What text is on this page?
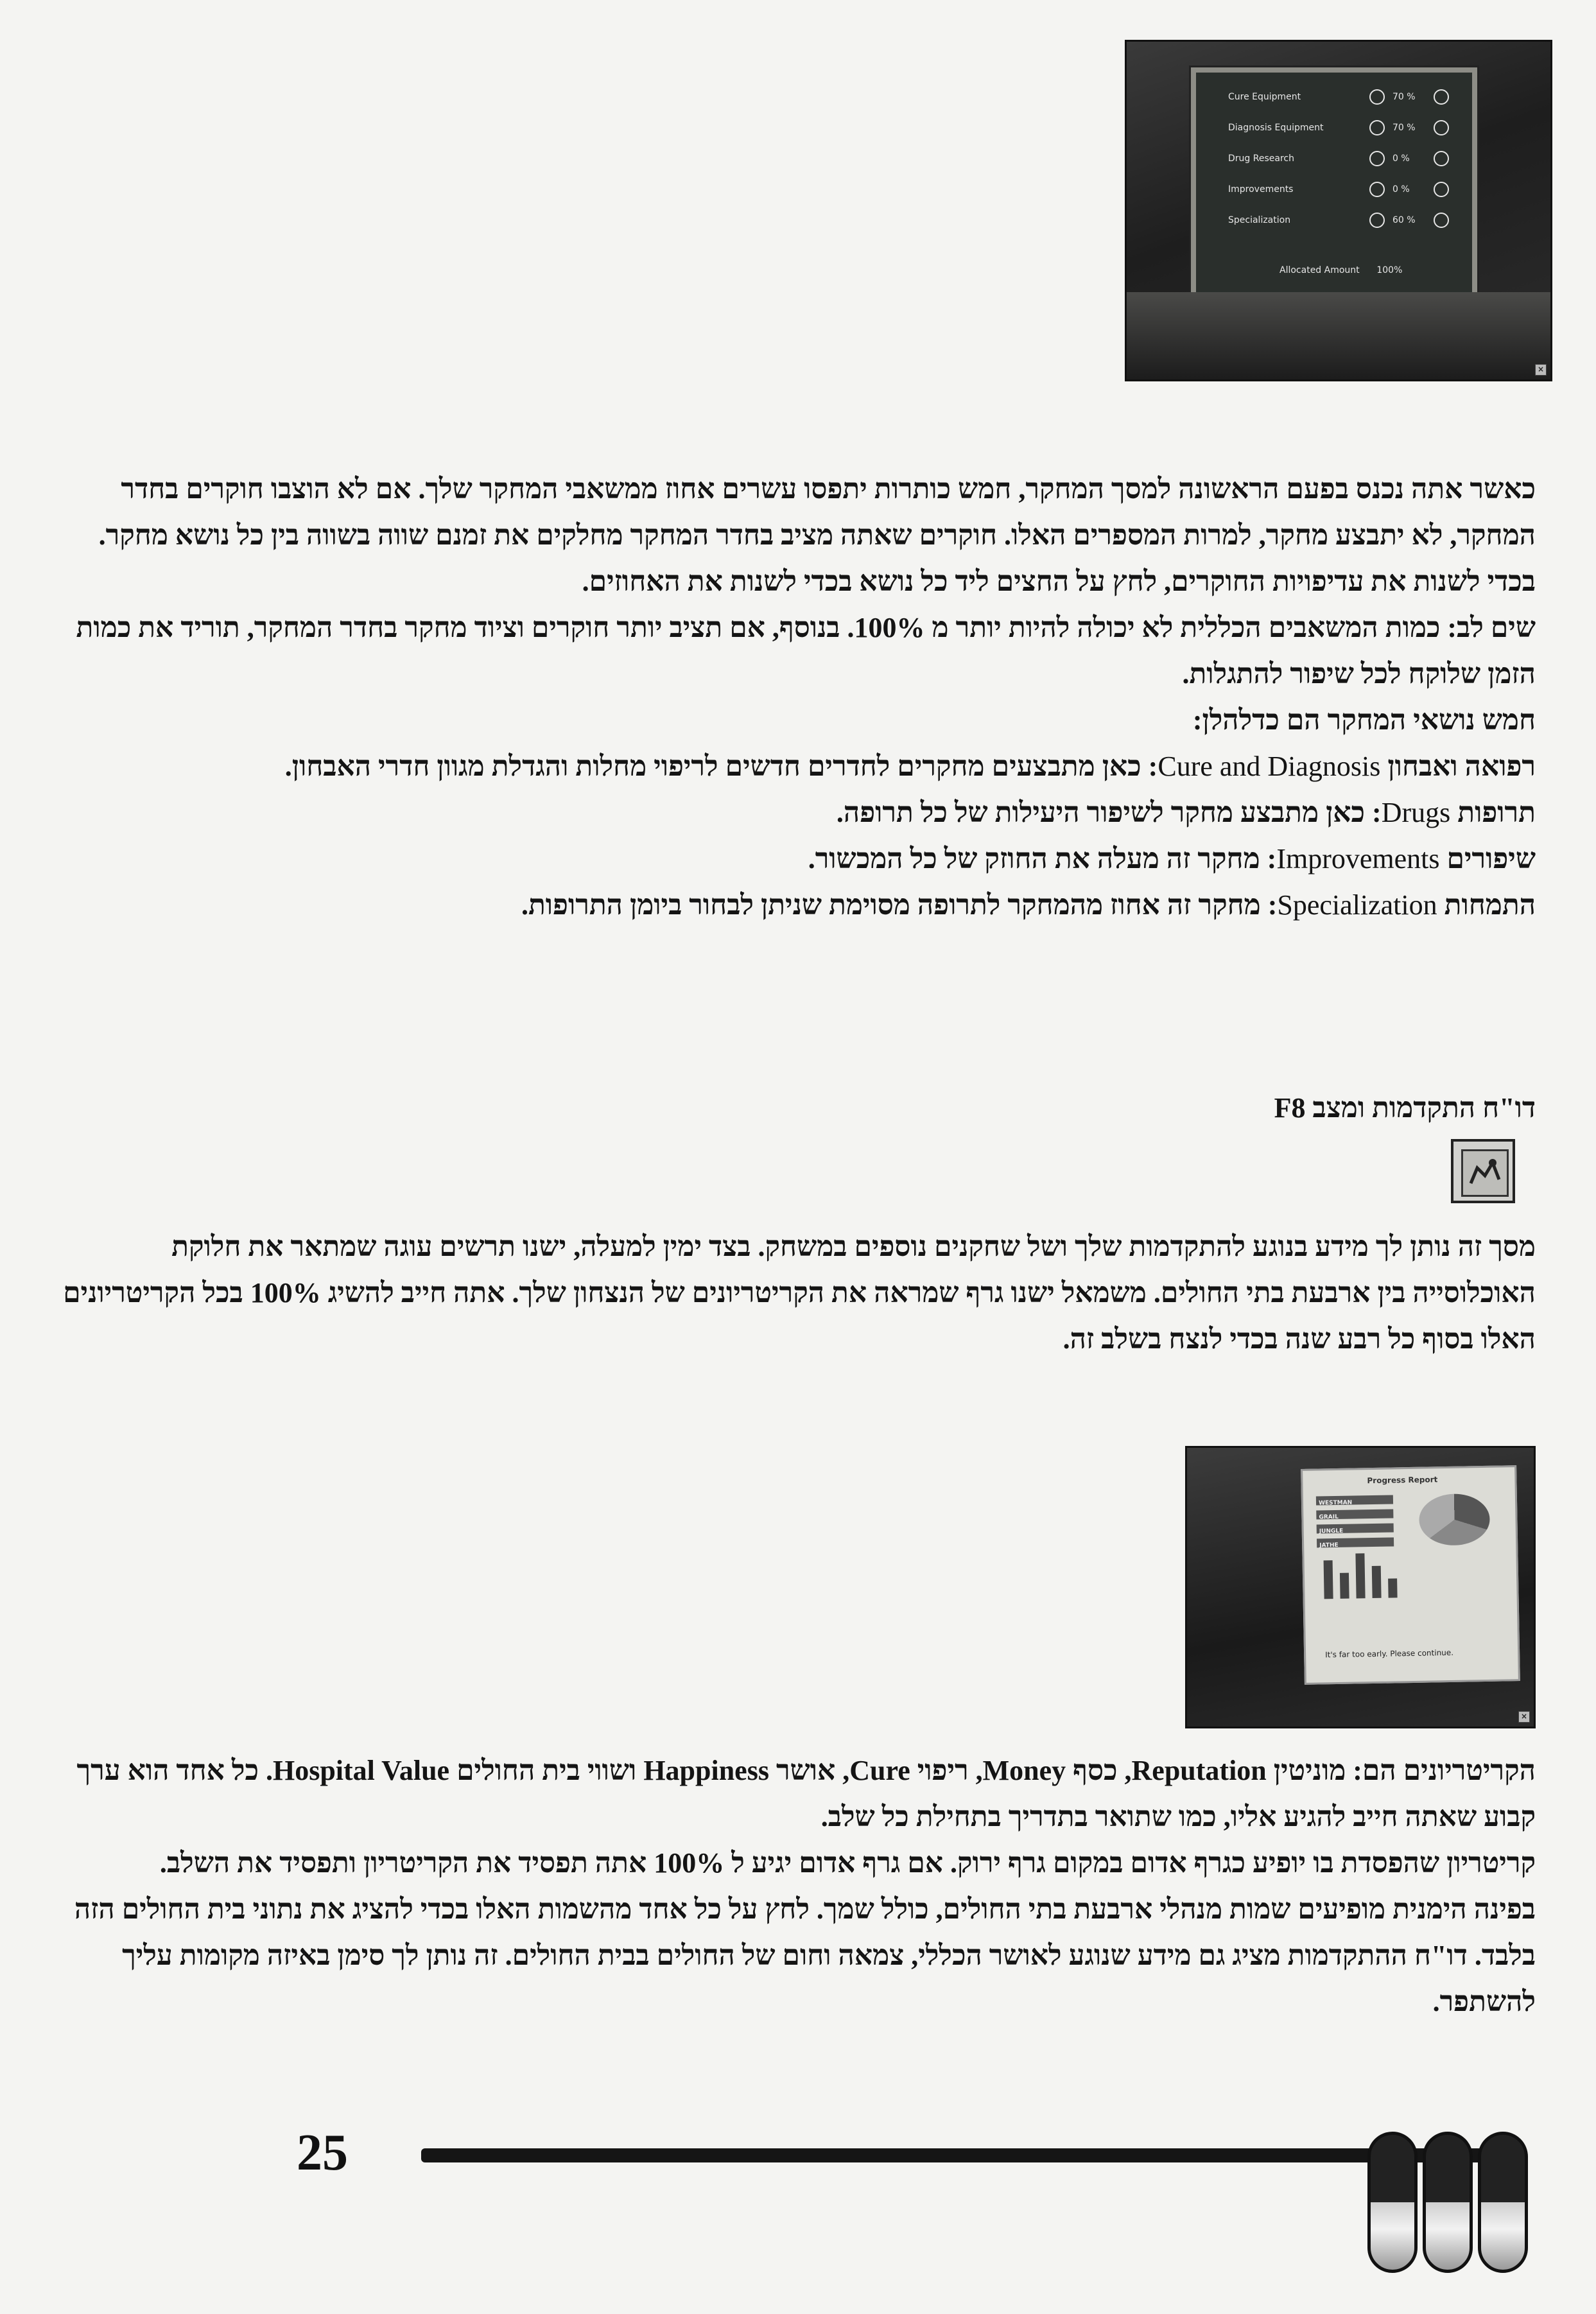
Cure Equipment	70 %
Diagnosis Equipment	70 %
Drug Research	0 %
Improvements	0 %
Specialization	60 %
Allocated Amount 100%
×

כאשר אתה נכנס בפעם הראשונה למסך המחקר, חמש כותרות יתפסו עשרים אחוז ממשאבי המחקר שלך. אם לא הוצבו חוקרים בחדר המחקר, לא יתבצע מחקר, למרות המספרים האלו. חוקרים שאתה מציב בחדר המחקר מחלקים את זמנם שווה בשווה בין כל נושא מחקר. בכדי לשנות את עדיפויות החוקרים, לחץ על החצים ליד כל נושא בכדי לשנות את האחוזים.

שים לב: כמות המשאבים הכללית לא יכולה להיות יותר מ 100%. בנוסף, אם תציב יותר חוקרים וציוד מחקר בחדר המחקר, תוריד את כמות הזמן שלוקח לכל שיפור להתגלות.

חמש נושאי המחקר הם כדלהלן:

רפואה ואבחון Cure and Diagnosis: כאן מתבצעים מחקרים לחדרים חדשים לריפוי מחלות והגדלת מגוון חדרי האבחון.

תרופות Drugs: כאן מתבצע מחקר לשיפור היעילות של כל תרופה.

שיפורים Improvements: מחקר זה מעלה את החוזק של כל המכשור.

התמחות Specialization: מחקר זה אחוז מהמחקר לתרופה מסוימת שניתן לבחור ביומן התרופות.

דו"ח התקדמות ומצב F8

מסך זה נותן לך מידע בנוגע להתקדמות שלך ושל שחקנים נוספים במשחק. בצד ימין למעלה, ישנו תרשים עוגה שמתאר את חלוקת האוכלוסייה בין ארבעת בתי החולים. משמאל ישנו גרף שמראה את הקריטריונים של הנצחון שלך. אתה חייב להשיג 100% בכל הקריטריונים האלו בסוף כל רבע שנה בכדי לנצח בשלב זה.

Progress Report
WESTMAN
GRAIL
JUNGLE
JATHE
It's far too early. Please continue.
×

הקריטריונים הם: מוניטין Reputation, כסף Money, ריפוי Cure, אושר Happiness ושווי בית החולים Hospital Value. כל אחד הוא ערך קבוע שאתה חייב להגיע אליו, כמו שתואר בתדריך בתחילת כל שלב.

קריטריון שהפסדת בו יופיע כגרף אדום במקום גרף ירוק. אם גרף אדום יגיע ל 100% אתה תפסיד את הקריטריון ותפסיד את השלב.

בפינה הימנית מופיעים שמות מנהלי ארבעת בתי החולים, כולל שמך. לחץ על כל אחד מהשמות האלו בכדי להציג את נתוני בית החולים הזה בלבד. דו"ח ההתקדמות מציג גם מידע שנוגע לאושר הכללי, צמאה וחום של החולים בבית החולים. זה נותן לך סימן באיזה מקומות עליך להשתפר.

25
